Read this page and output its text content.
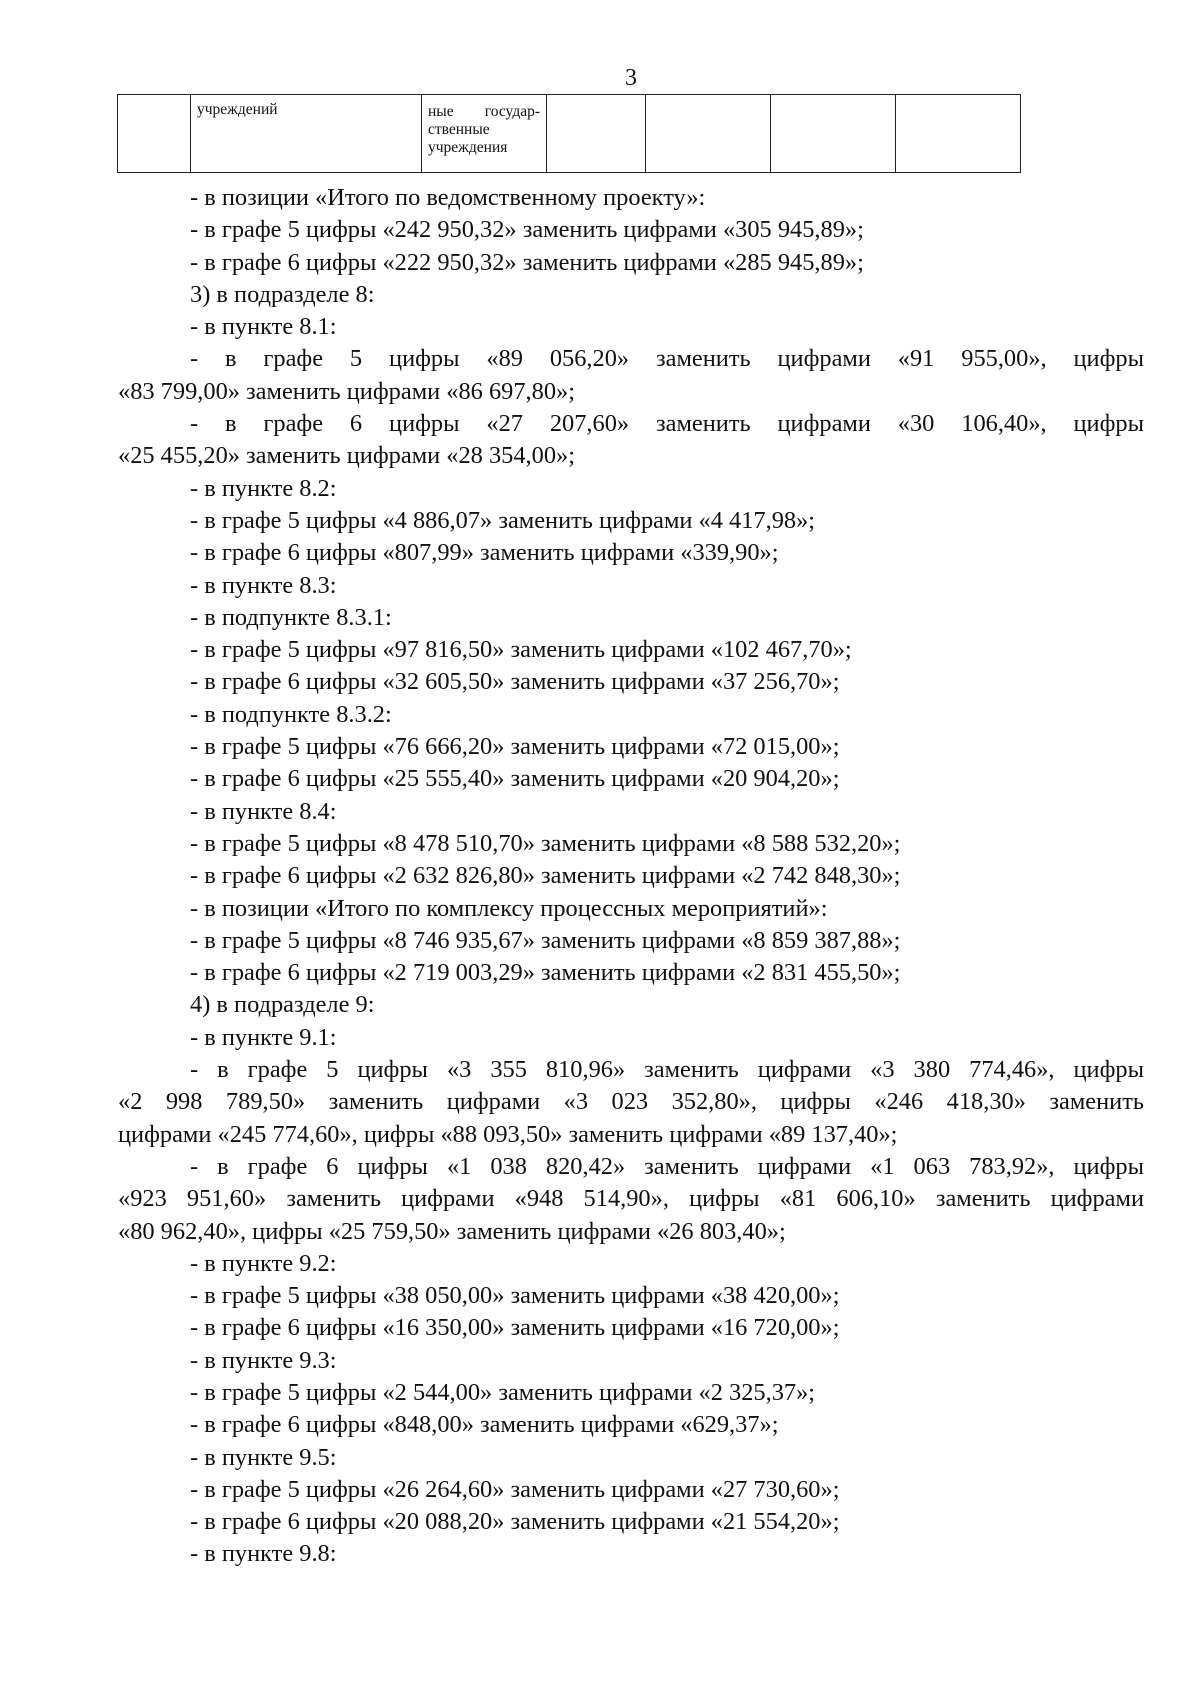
3
	учреждений	ные государ-
ственные
учреждения

- в позиции «Итого по ведомственному проекту»:

- в графе 5 цифры «242 950,32» заменить цифрами «305 945,89»;

- в графе 6 цифры «222 950,32» заменить цифрами «285 945,89»;

3) в подразделе 8:

- в пункте 8.1:

- в графе 5 цифры «89 056,20» заменить цифрами «91 955,00», цифры

«83 799,00» заменить цифрами «86 697,80»;

- в графе 6 цифры «27 207,60» заменить цифрами «30 106,40», цифры

«25 455,20» заменить цифрами «28 354,00»;

- в пункте 8.2:

- в графе 5 цифры «4 886,07» заменить цифрами «4 417,98»;

- в графе 6 цифры «807,99» заменить цифрами «339,90»;

- в пункте 8.3:

- в подпункте 8.3.1:

- в графе 5 цифры «97 816,50» заменить цифрами «102 467,70»;

- в графе 6 цифры «32 605,50» заменить цифрами «37 256,70»;

- в подпункте 8.3.2:

- в графе 5 цифры «76 666,20» заменить цифрами «72 015,00»;

- в графе 6 цифры «25 555,40» заменить цифрами «20 904,20»;

- в пункте 8.4:

- в графе 5 цифры «8 478 510,70» заменить цифрами «8 588 532,20»;

- в графе 6 цифры «2 632 826,80» заменить цифрами «2 742 848,30»;

- в позиции «Итого по комплексу процессных мероприятий»:

- в графе 5 цифры «8 746 935,67» заменить цифрами «8 859 387,88»;

- в графе 6 цифры «2 719 003,29» заменить цифрами «2 831 455,50»;

4) в подразделе 9:

- в пункте 9.1:

- в графе 5 цифры «3 355 810,96» заменить цифрами «3 380 774,46», цифры

«2 998 789,50» заменить цифрами «3 023 352,80», цифры «246 418,30» заменить

цифрами «245 774,60», цифры «88 093,50» заменить цифрами «89 137,40»;

- в графе 6 цифры «1 038 820,42» заменить цифрами «1 063 783,92», цифры

«923 951,60» заменить цифрами «948 514,90», цифры «81 606,10» заменить цифрами

«80 962,40», цифры «25 759,50» заменить цифрами «26 803,40»;

- в пункте 9.2:

- в графе 5 цифры «38 050,00» заменить цифрами «38 420,00»;

- в графе 6 цифры «16 350,00» заменить цифрами «16 720,00»;

- в пункте 9.3:

- в графе 5 цифры «2 544,00» заменить цифрами «2 325,37»;

- в графе 6 цифры «848,00» заменить цифрами «629,37»;

- в пункте 9.5:

- в графе 5 цифры «26 264,60» заменить цифрами «27 730,60»;

- в графе 6 цифры «20 088,20» заменить цифрами «21 554,20»;

- в пункте 9.8:
